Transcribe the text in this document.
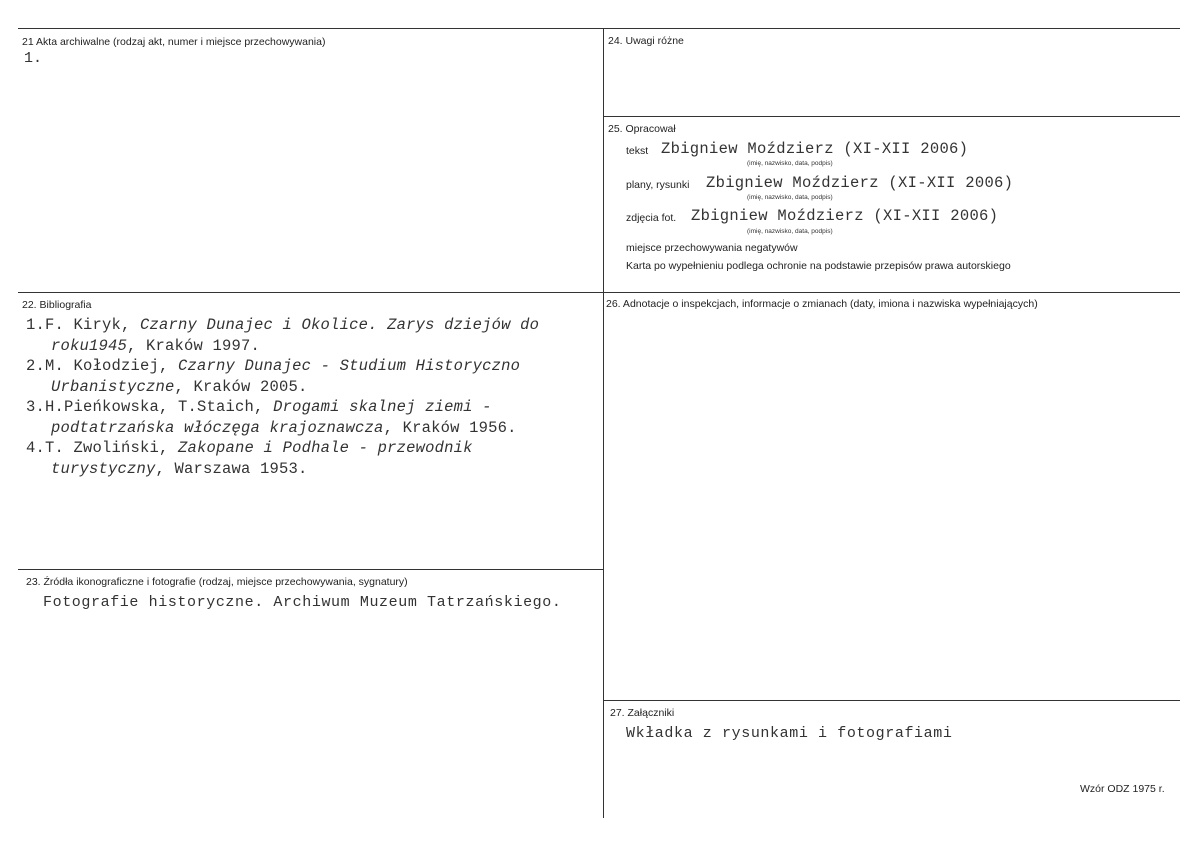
21 Akta archiwalne (rodzaj akt, numer i miejsce przechowywania)
1.
22. Bibliografia
1.F. Kiryk, Czarny Dunajec i Okolice. Zarys dziejów do roku1945, Kraków 1997.
2.M. Kołodziej, Czarny Dunajec - Studium Historyczno Urbanistyczne, Kraków 2005.
3.H.Pieńkowska, T.Staich, Drogami skalnej ziemi - podtatrzańska włóczęga krajoznawcza, Kraków 1956.
4.T. Zwoliński, Zakopane i Podhale - przewodnik turystyczny, Warszawa 1953.
23. Źródła ikonograficzne i fotografie (rodzaj, miejsce przechowywania, sygnatury)
Fotografie historyczne. Archiwum Muzeum Tatrzańskiego.
24. Uwagi różne
25. Opracował
tekst Zbigniew Moździerz (XI-XII 2006)
(imię, nazwisko, data, podpis)
plany, rysunki Zbigniew Moździerz (XI-XII 2006)
(imię, nazwisko, data, podpis)
zdjęcia fot. Zbigniew Moździerz (XI-XII 2006)
(imię, nazwisko, data, podpis)
miejsce przechowywania negatywów
Karta po wypełnieniu podlega ochronie na podstawie przepisów prawa autorskiego
26. Adnotacje o inspekcjach, informacje o zmianach (daty, imiona i nazwiska wypełniających)
27. Załączniki
Wkładka z rysunkami i fotografiami
Wzór ODZ 1975 r.
